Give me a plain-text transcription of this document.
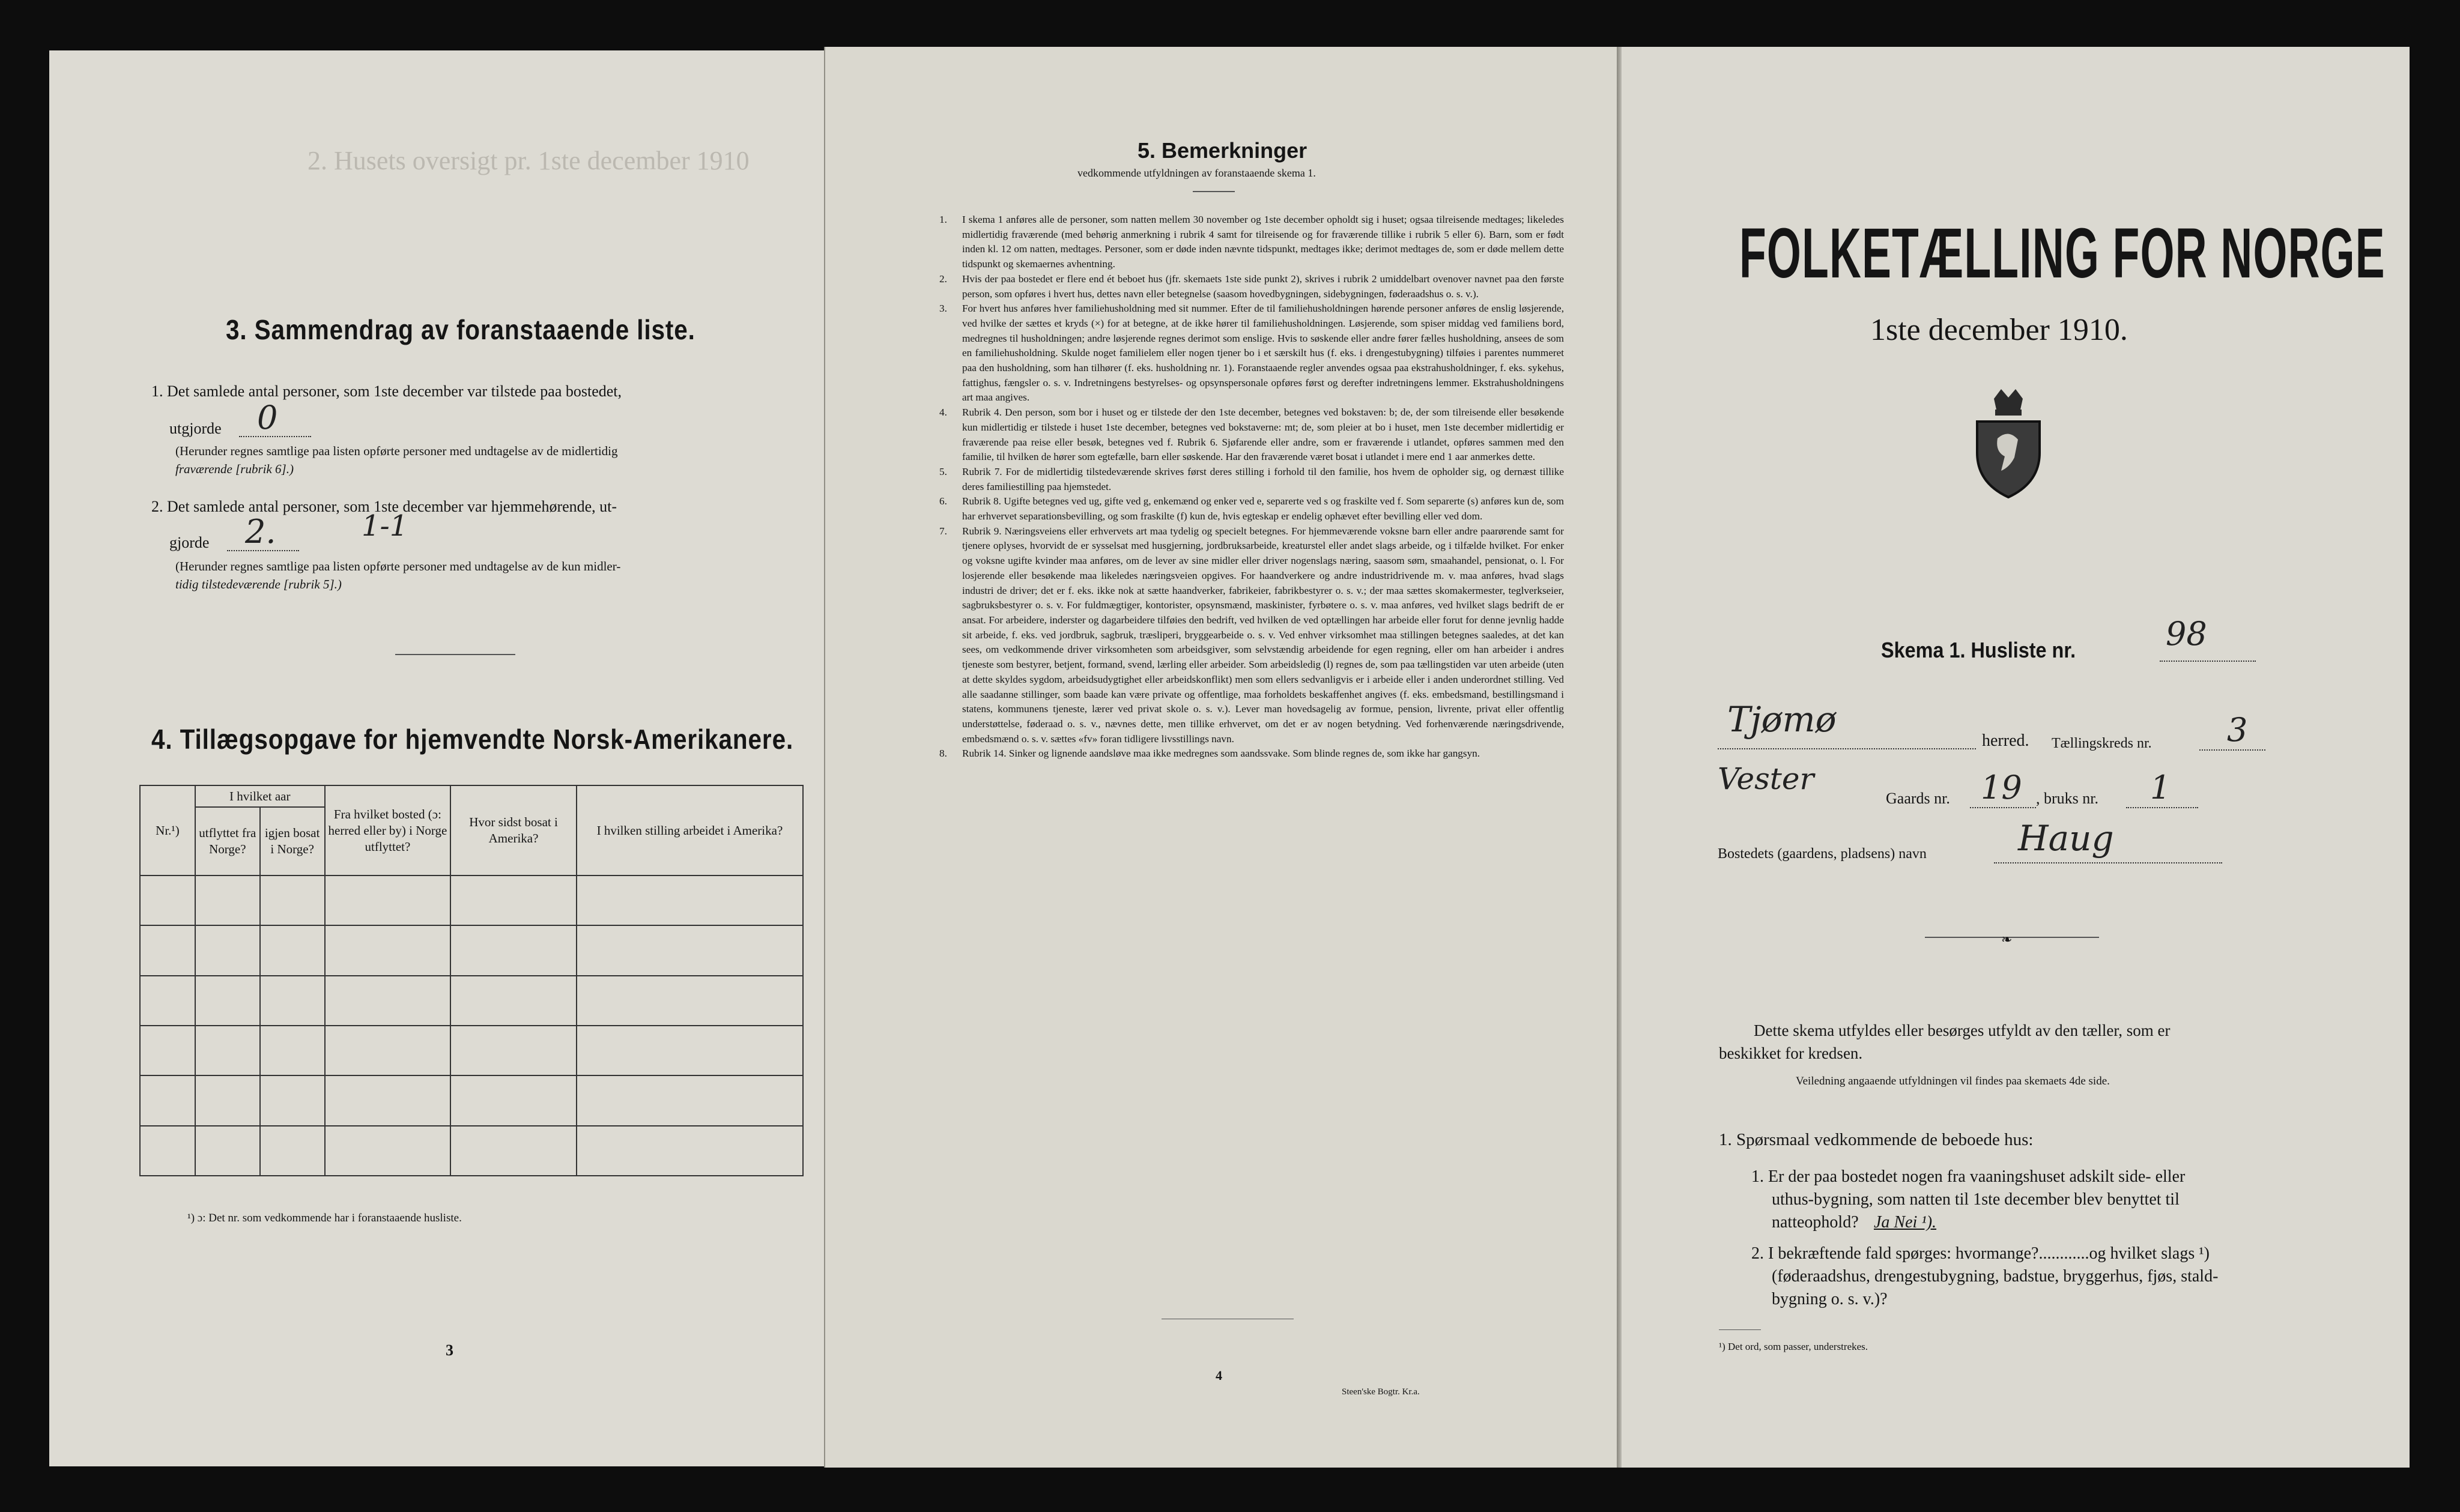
2. Husets oversigt pr. 1ste december 1910
3. Sammendrag av foranstaaende liste.
1. Det samlede antal personer, som 1ste december var tilstede paa bostedet,
utgjorde 0
(Herunder regnes samtlige paa listen opførte personer med undtagelse av de midlertidig
fraværende [rubrik 6].)
2. Det samlede antal personer, som 1ste december var hjemmehørende, ut-
gjorde 2.	1-1
(Herunder regnes samtlige paa listen opførte personer med undtagelse av de kun midler-
tidig tilstedeværende [rubrik 5].)
4. Tillægsopgave for hjemvendte Norsk-Amerikanere.
Nr.¹)	I hvilket aar		Fra hvilket bosted (ɔ: herred eller by) i Norge utflyttet?	Hvor sidst bosat i Amerika?	I hvilken stilling arbeidet i Amerika?
	utflyttet fra Norge?	igjen bosat i Norge?			

¹) ɔ: Det nr. som vedkommende har i foranstaaende husliste.
3
5. Bemerkninger
vedkommende utfyldningen av foranstaaende skema 1.
1.	I skema 1 anføres alle de personer, som natten mellem 30 november og 1ste december opholdt sig i huset; ogsaa tilreisende medtages; likeledes midlertidig fraværende (med behørig anmerkning i rubrik 4 samt for tilreisende og for fraværende tillike i rubrik 5 eller 6). Barn, som er født inden kl. 12 om natten, medtages. Personer, som er døde inden nævnte tidspunkt, medtages ikke; derimot medtages de, som er døde mellem dette tidspunkt og skemaernes avhentning.
2.	Hvis der paa bostedet er flere end ét beboet hus (jfr. skemaets 1ste side punkt 2), skrives i rubrik 2 umiddelbart ovenover navnet paa den første person, som opføres i hvert hus, dettes navn eller betegnelse (saasom hovedbygningen, sidebygningen, føderaadshus o. s. v.).
3.	For hvert hus anføres hver familiehusholdning med sit nummer. Efter de til familiehusholdningen hørende personer anføres de enslig løsjerende, ved hvilke der sættes et kryds (×) for at betegne, at de ikke hører til familiehusholdningen. Løsjerende, som spiser middag ved familiens bord, medregnes til husholdningen; andre løsjerende regnes derimot som enslige. Hvis to søskende eller andre fører fælles husholdning, ansees de som en familiehusholdning. Skulde noget familielem eller nogen tjener bo i et særskilt hus (f. eks. i drengestubygning) tilføies i parentes nummeret paa den husholdning, som han tilhører (f. eks. husholdning nr. 1). Foranstaaende regler anvendes ogsaa paa ekstrahusholdninger, f. eks. sykehus, fattighus, fængsler o. s. v. Indretningens bestyrelses- og opsynspersonale opføres først og derefter indretningens lemmer. Ekstrahusholdningens art maa angives.
4.	Rubrik 4. Den person, som bor i huset og er tilstede der den 1ste december, betegnes ved bokstaven: b; de, der som tilreisende eller besøkende kun midlertidig er tilstede i huset 1ste december, betegnes ved bokstaverne: mt; de, som pleier at bo i huset, men 1ste december midlertidig er fraværende paa reise eller besøk, betegnes ved f. Rubrik 6. Sjøfarende eller andre, som er fraværende i utlandet, opføres sammen med den familie, til hvilken de hører som egtefælle, barn eller søskende. Har den fraværende været bosat i utlandet i mere end 1 aar anmerkes dette.
5.	Rubrik 7. For de midlertidig tilstedeværende skrives først deres stilling i forhold til den familie, hos hvem de opholder sig, og dernæst tillike deres familiestilling paa hjemstedet.
6.	Rubrik 8. Ugifte betegnes ved ug, gifte ved g, enkemænd og enker ved e, separerte ved s og fraskilte ved f. Som separerte (s) anføres kun de, som har erhvervet separationsbevilling, og som fraskilte (f) kun de, hvis egteskap er endelig ophævet efter bevilling eller ved dom.
7.	Rubrik 9. Næringsveiens eller erhvervets art maa tydelig og specielt betegnes. For hjemmeværende voksne barn eller andre paarørende samt for tjenere oplyses, hvorvidt de er sysselsat med husgjerning, jordbruksarbeide, kreaturstel eller andet slags arbeide, og i tilfælde hvilket. For enker og voksne ugifte kvinder maa anføres, om de lever av sine midler eller driver nogenslags næring, saasom søm, smaahandel, pensionat, o. l. For losjerende eller besøkende maa likeledes næringsveien opgives. For haandverkere og andre industridrivende m. v. maa anføres, hvad slags industri de driver; det er f. eks. ikke nok at sætte haandverker, fabrikeier, fabrikbestyrer o. s. v.; der maa sættes skomakermester, teglverkseier, sagbruksbestyrer o. s. v. For fuldmægtiger, kontorister, opsynsmænd, maskinister, fyrbøtere o. s. v. maa anføres, ved hvilket slags bedrift de er ansat. For arbeidere, inderster og dagarbeidere tilføies den bedrift, ved hvilken de ved optællingen har arbeide eller forut for denne jevnlig hadde sit arbeide, f. eks. ved jordbruk, sagbruk, træsliperi, bryggearbeide o. s. v. Ved enhver virksomhet maa stillingen betegnes saaledes, at det kan sees, om vedkommende driver virksomheten som arbeidsgiver, som selvstændig arbeidende for egen regning, eller om han arbeider i andres tjeneste som bestyrer, betjent, formand, svend, lærling eller arbeider. Som arbeidsledig (l) regnes de, som paa tællingstiden var uten arbeide (uten at dette skyldes sygdom, arbeidsudygtighet eller arbeidskonflikt) men som ellers sedvanligvis er i arbeide eller i anden underordnet stilling. Ved alle saadanne stillinger, som baade kan være private og offentlige, maa forholdets beskaffenhet angives (f. eks. embedsmand, bestillingsmand i statens, kommunens tjeneste, lærer ved privat skole o. s. v.). Lever man hovedsagelig av formue, pension, livrente, privat eller offentlig understøttelse, føderaad o. s. v., nævnes dette, men tillike erhvervet, om det er av nogen betydning. Ved forhenværende næringsdrivende, embedsmænd o. s. v. sættes «fv» foran tidligere livsstillings navn.
8.	Rubrik 14. Sinker og lignende aandsløve maa ikke medregnes som aandssvake. Som blinde regnes de, som ikke har gangsyn.
4
Steen'ske Bogtr. Kr.a.
FOLKETÆLLING FOR NORGE
1ste december 1910.
Skema 1. Husliste nr.	98
Tjømø
herred. Tællingskreds nr. 3
Vester
Gaards nr. 19 , bruks nr. 1
Bostedets (gaardens, pladsens) navn	Haug
❧
Dette skema utfyldes eller besørges utfyldt av den tæller, som er
beskikket for kredsen.
Veiledning angaaende utfyldningen vil findes paa skemaets 4de side.
1. Spørsmaal vedkommende de beboede hus:
1. Er der paa bostedet nogen fra vaaningshuset adskilt side- eller
uthus-bygning, som natten til 1ste december blev benyttet til
natteophold? Ja Nei ¹).
2. I bekræftende fald spørges: hvormange?............og hvilket slags ¹)
(føderaadshus, drengestubygning, badstue, bryggerhus, fjøs, stald-
bygning o. s. v.)?
¹) Det ord, som passer, understrekes.
